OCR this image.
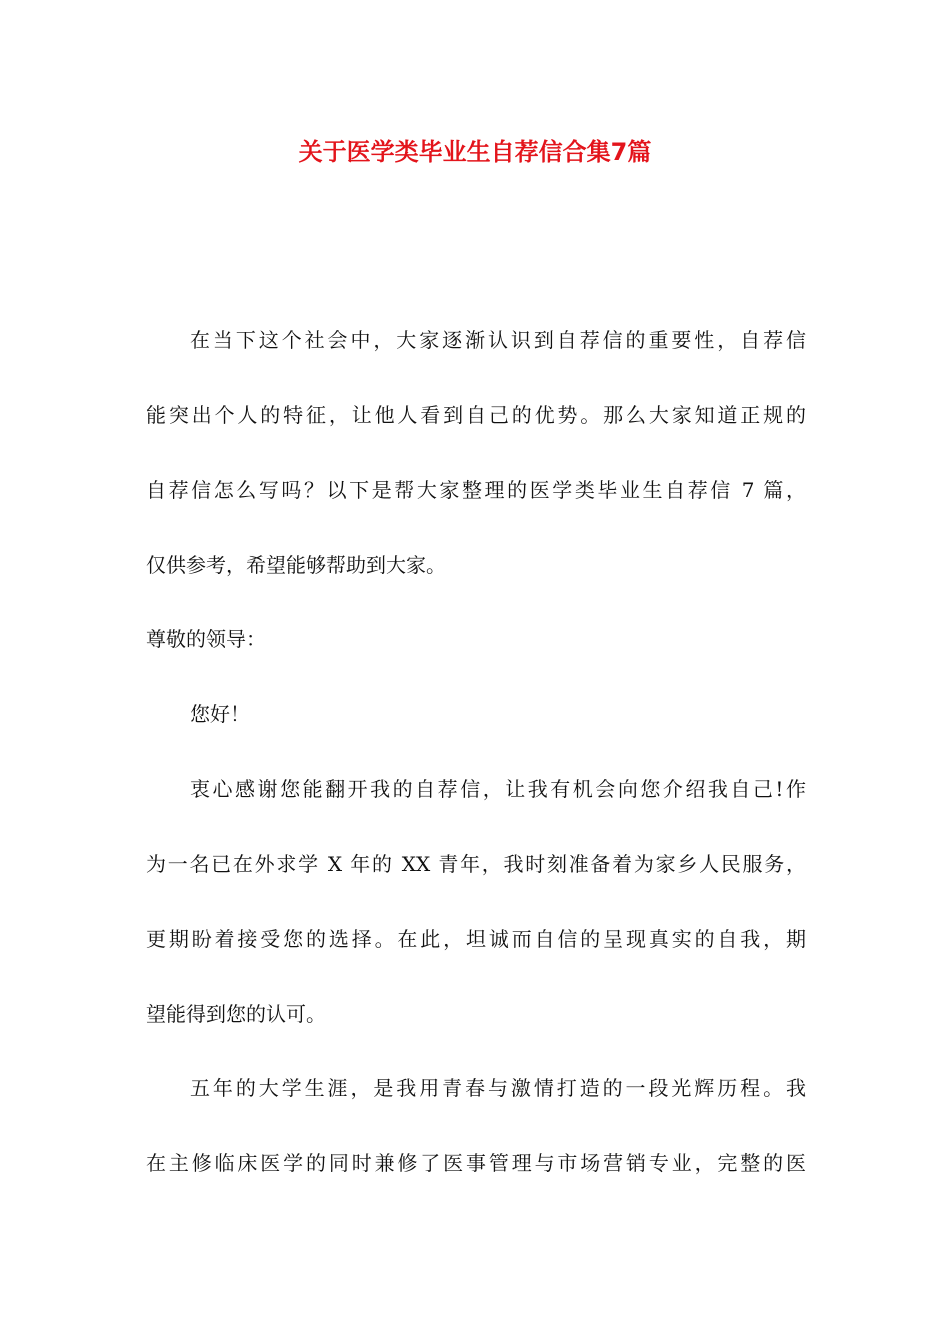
关于医学类毕业生自荐信合集7篇
在当下这个社会中，大家逐渐认识到自荐信的重要性，自荐信
能突出个人的特征，让他人看到自己的优势。那么大家知道正规的
自荐信怎么写吗？以下是帮大家整理的医学类毕业生自荐信 7 篇，
仅供参考，希望能够帮助到大家。
尊敬的领导：
您好！
衷心感谢您能翻开我的自荐信，让我有机会向您介绍我自己!作
为一名已在外求学 X 年的 XX 青年，我时刻准备着为家乡人民服务，
更期盼着接受您的选择。在此，坦诚而自信的呈现真实的自我，期
望能得到您的认可。
五年的大学生涯，是我用青春与激情打造的一段光辉历程。我
在主修临床医学的同时兼修了医事管理与市场营销专业，完整的医
